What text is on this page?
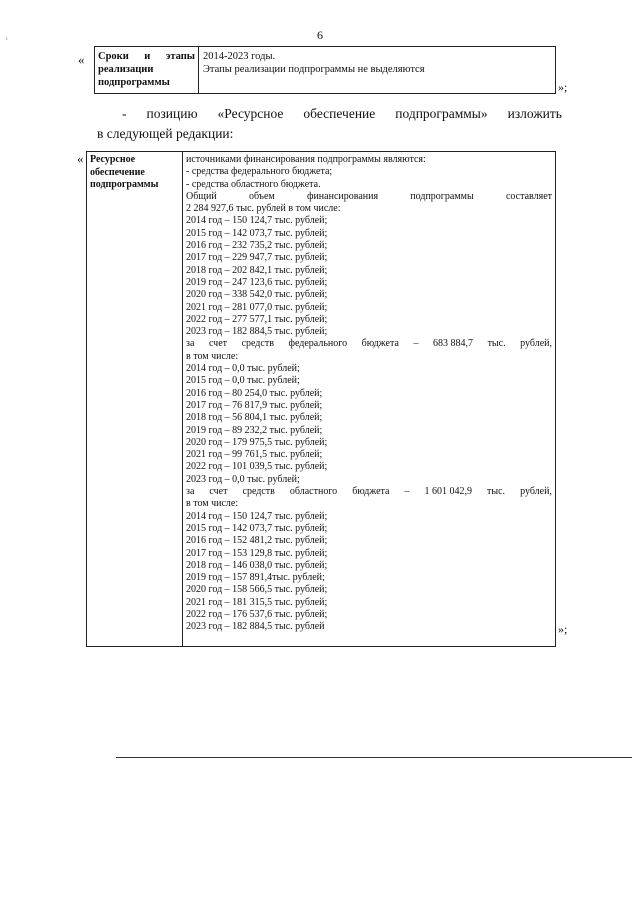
6
ı
« Сроки и этапы
реализации
подпрограммы
2014-2023 годы.
Этапы реализации подпрограммы не выделяются
»;
- позицию «Ресурсное обеспечение подпрограммы» изложить
в следующей редакции:
« Ресурсное
обеспечение
подпрограммы
источниками финансирования подпрограммы являются:
- средства федерального бюджета;
- средства областного бюджета.
Общий	объем	финансирования	подпрограммы	составляет
2 284 927,6 тыс. рублей в том числе:
2014 год – 150 124,7 тыс. рублей;
2015 год – 142 073,7 тыс. рублей;
2016 год – 232 735,2 тыс. рублей;
2017 год – 229 947,7 тыс. рублей;
2018 год – 202 842,1 тыс. рублей;
2019 год – 247 123,6 тыс. рублей;
2020 год – 338 542,0 тыс. рублей;
2021 год – 281 077,0 тыс. рублей;
2022 год – 277 577,1 тыс. рублей;
2023 год – 182 884,5 тыс. рублей;
за счет средств федерального бюджета – 683 884,7 тыс. рублей,
в том числе:
2014 год – 0,0 тыс. рублей;
2015 год – 0,0 тыс. рублей;
2016 год – 80 254,0 тыс. рублей;
2017 год – 76 817,9 тыс. рублей;
2018 год – 56 804,1 тыс. рублей;
2019 год – 89 232,2 тыс. рублей;
2020 год – 179 975,5 тыс. рублей;
2021 год – 99 761,5 тыс. рублей;
2022 год – 101 039,5 тыс. рублей;
2023 год – 0,0 тыс. рублей;
за счет средств областного бюджета – 1 601 042,9 тыс. рублей,
в том числе:
2014 год – 150 124,7 тыс. рублей;
2015 год – 142 073,7 тыс. рублей;
2016 год – 152 481,2 тыс. рублей;
2017 год – 153 129,8 тыс. рублей;
2018 год – 146 038,0 тыс. рублей;
2019 год – 157 891,4тыс. рублей;
2020 год – 158 566,5 тыс. рублей;
2021 год – 181 315,5 тыс. рублей;
2022 год – 176 537,6 тыс. рублей;
2023 год – 182 884,5 тыс. рублей	»;
